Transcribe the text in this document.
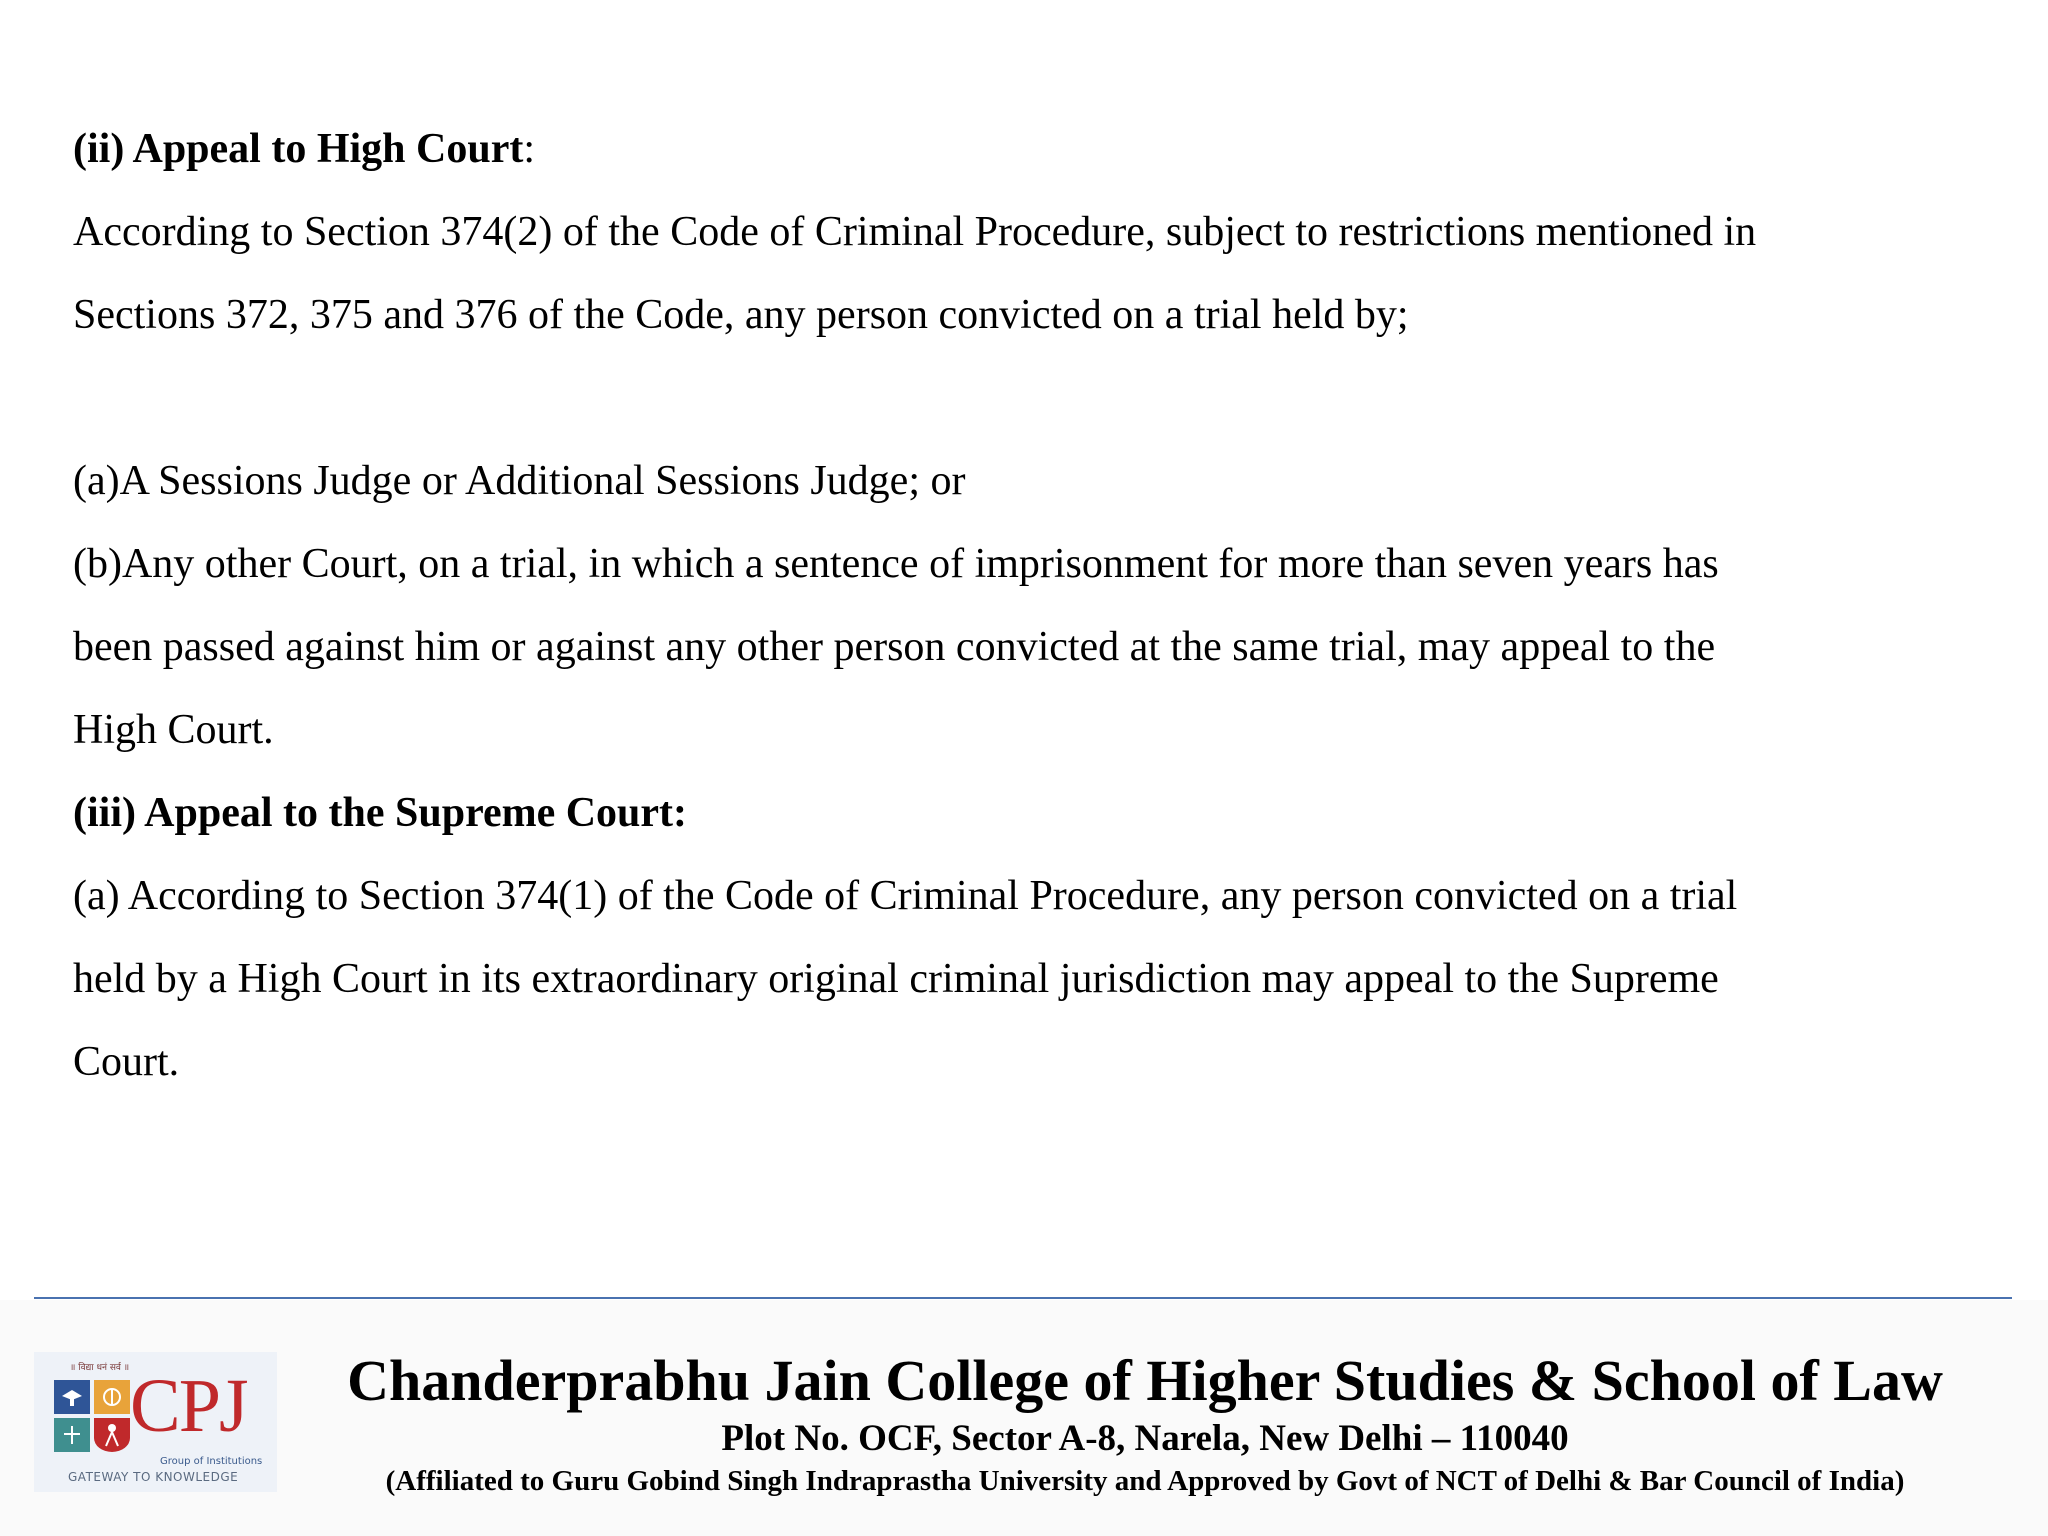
(ii) Appeal to High Court:
According to Section 374(2) of the Code of Criminal Procedure, subject to restrictions mentioned in
Sections 372, 375 and 376 of the Code, any person convicted on a trial held by;
(a)A Sessions Judge or Additional Sessions Judge; or
(b)Any other Court, on a trial, in which a sentence of imprisonment for more than seven years has
been passed against him or against any other person convicted at the same trial, may appeal to the
High Court.
(iii) Appeal to the Supreme Court:
(a) According to Section 374(1) of the Code of Criminal Procedure, any person convicted on a trial
held by a High Court in its extraordinary original criminal jurisdiction may appeal to the Supreme
Court.
॥ विद्या धनं सर्व ॥ CPJ
Group of Institutions
GATEWAY TO KNOWLEDGE
Chanderprabhu Jain College of Higher Studies & School of Law
Plot No. OCF, Sector A-8, Narela, New Delhi – 110040
(Affiliated to Guru Gobind Singh Indraprastha University and Approved by Govt of NCT of Delhi & Bar Council of India)
